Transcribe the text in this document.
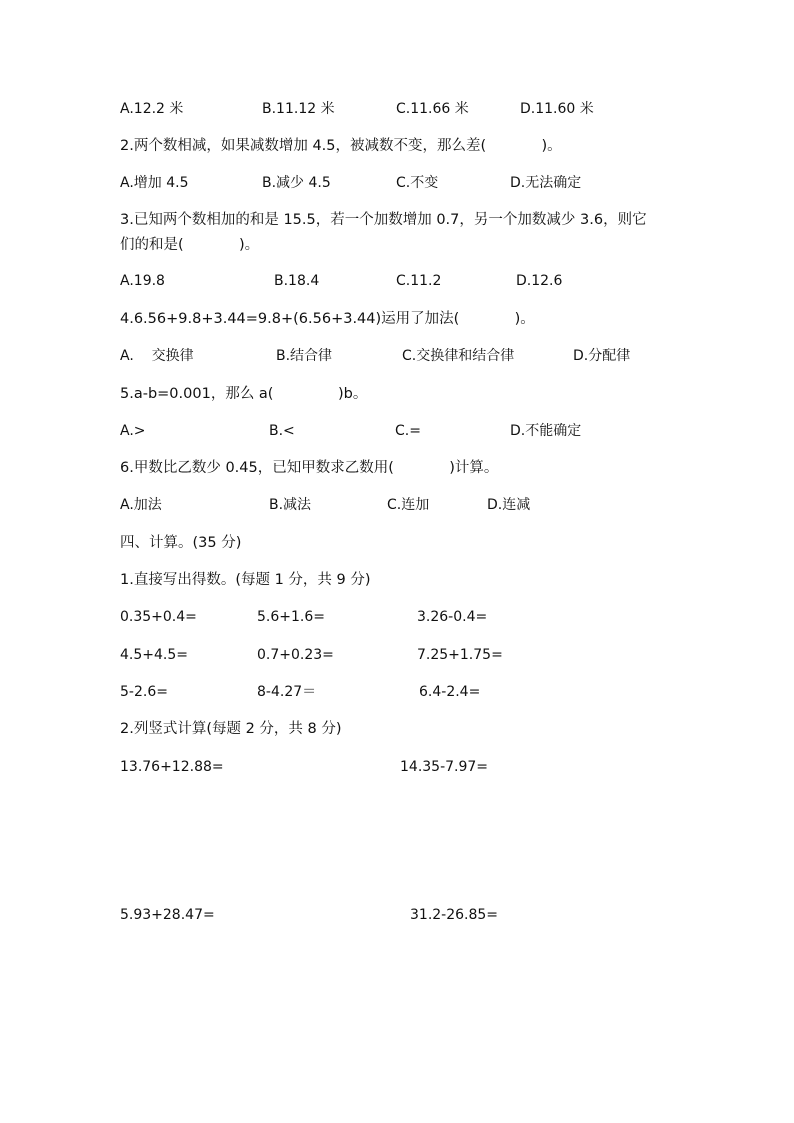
A.12.2 米	B.11.12 米	C.11.66 米	D.11.60 米
2.两个数相减，如果减数增加 4.5，被减数不变，那么差(            )。
A.增加 4.5	B.减少 4.5	C.不变	D.无法确定
3.已知两个数相加的和是 15.5，若一个加数增加 0.7，另一个加数减少 3.6，则它
们的和是(            )。
A.19.8	B.18.4	C.11.2	D.12.6
4.6.56+9.8+3.44=9.8+(6.56+3.44)运用了加法(            )。
A.    交换律	B.结合律	C.交换律和结合律	D.分配律
5.a-b=0.001，那么 a(              )b。
A.>	B.<	C.=	D.不能确定
6.甲数比乙数少 0.45，已知甲数求乙数用(            )计算。
A.加法	B.减法	C.连加	D.连减
四、计算。(35 分)
1.直接写出得数。(每题 1 分，共 9 分)
0.35+0.4=	5.6+1.6=	3.26-0.4=
4.5+4.5=	0.7+0.23=	7.25+1.75=
5-2.6=	8-4.27＝	6.4-2.4=
2.列竖式计算(每题 2 分，共 8 分)
13.76+12.88=	14.35-7.97=
5.93+28.47=	31.2-26.85=
